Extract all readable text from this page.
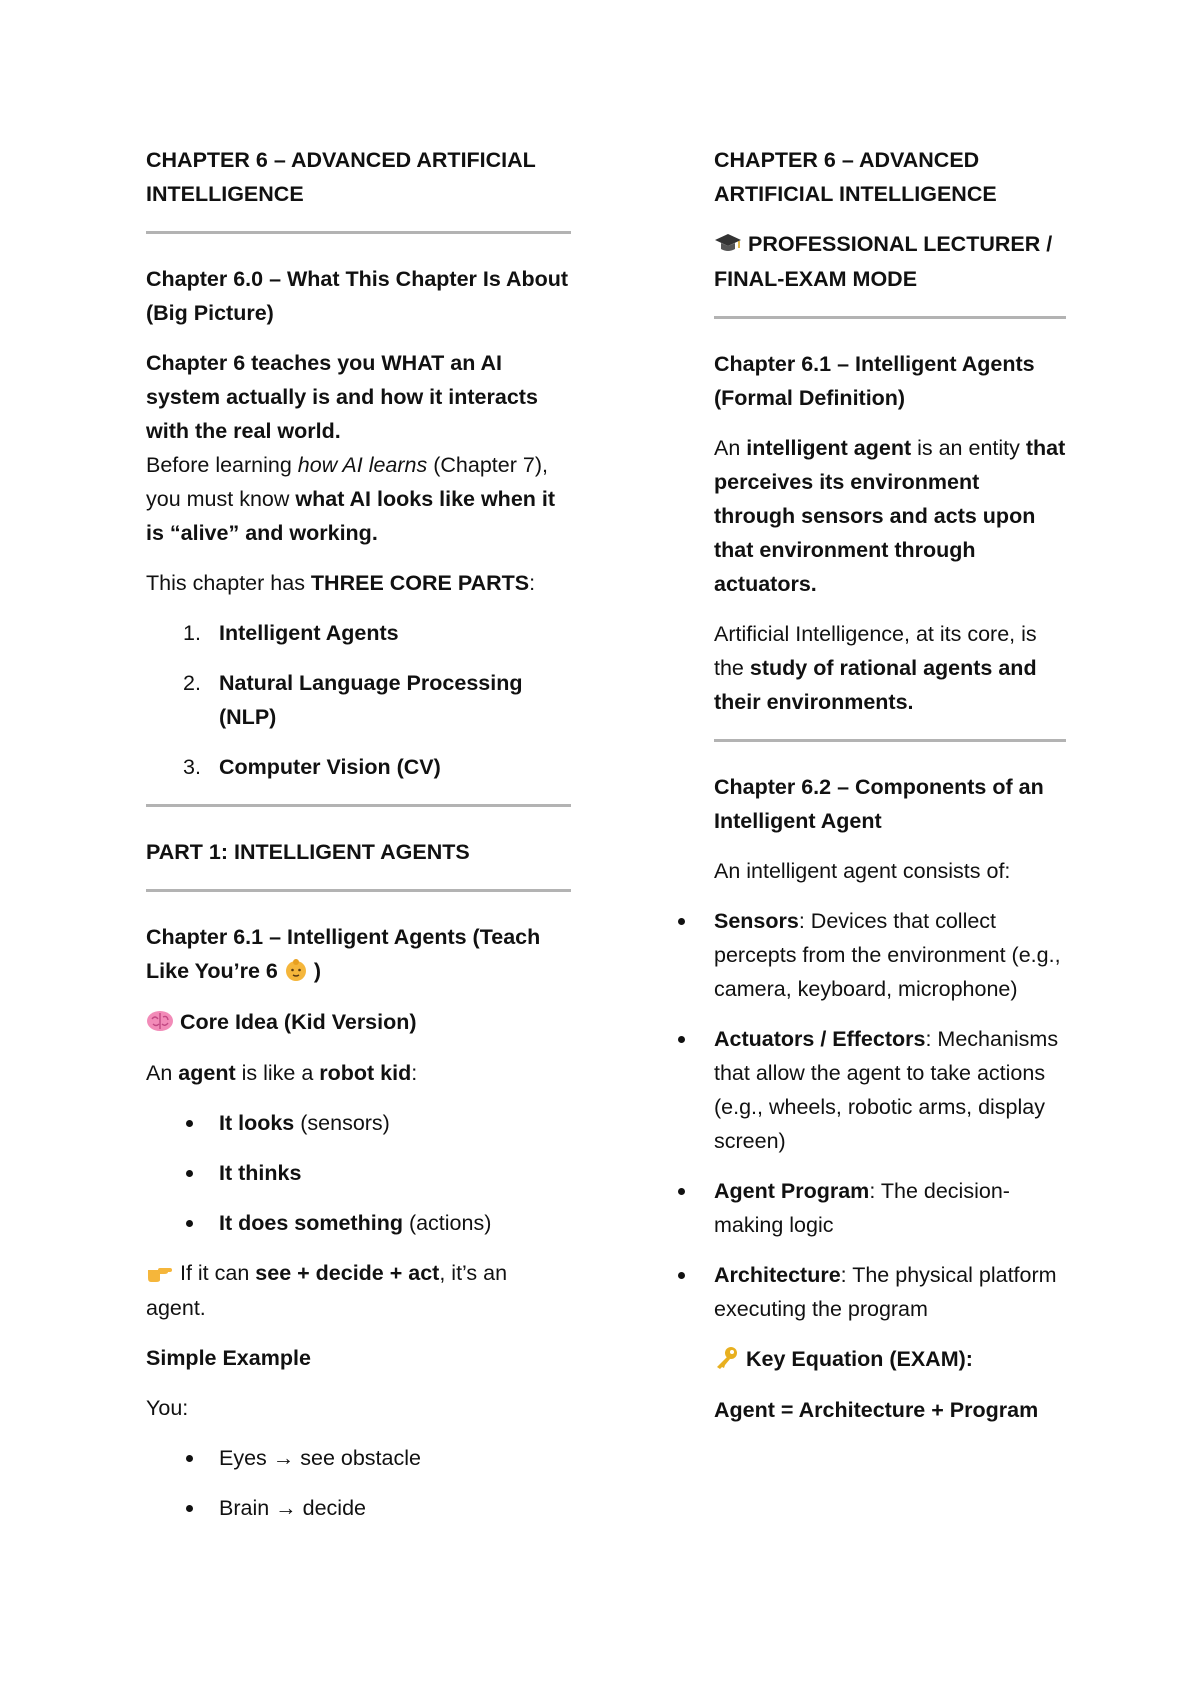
CHAPTER 6 – ADVANCED ARTIFICIAL INTELLIGENCE

Chapter 6.0 – What This Chapter Is About (Big Picture)

Chapter 6 teaches you WHAT an AI system actually is and how it interacts with the real world.

Before learning how AI learns (Chapter 7), you must know what AI looks like when it is “alive” and working.

This chapter has THREE CORE PARTS:

1. Intelligent Agents
2. Natural Language Processing (NLP)
3. Computer Vision (CV)

PART 1: INTELLIGENT AGENTS

Chapter 6.1 – Intelligent Agents (Teach Like You’re 6 )

Core Idea (Kid Version)

An agent is like a robot kid:

It looks (sensors)
It thinks
It does something (actions)

If it can see + decide + act, it’s an agent.

Simple Example

You:

Eyes → see obstacle
Brain → decide

CHAPTER 6 – ADVANCED ARTIFICIAL INTELLIGENCE

PROFESSIONAL LECTURER / FINAL-EXAM MODE

Chapter 6.1 – Intelligent Agents (Formal Definition)

An intelligent agent is an entity that perceives its environment through sensors and acts upon that environment through actuators.

Artificial Intelligence, at its core, is the study of rational agents and their environments.

Chapter 6.2 – Components of an Intelligent Agent

An intelligent agent consists of:

Sensors: Devices that collect percepts from the environment (e.g., camera, keyboard, microphone)
Actuators / Effectors: Mechanisms that allow the agent to take actions (e.g., wheels, robotic arms, display screen)
Agent Program: The decision-making logic
Architecture: The physical platform executing the program

Key Equation (EXAM):

Agent = Architecture + Program
